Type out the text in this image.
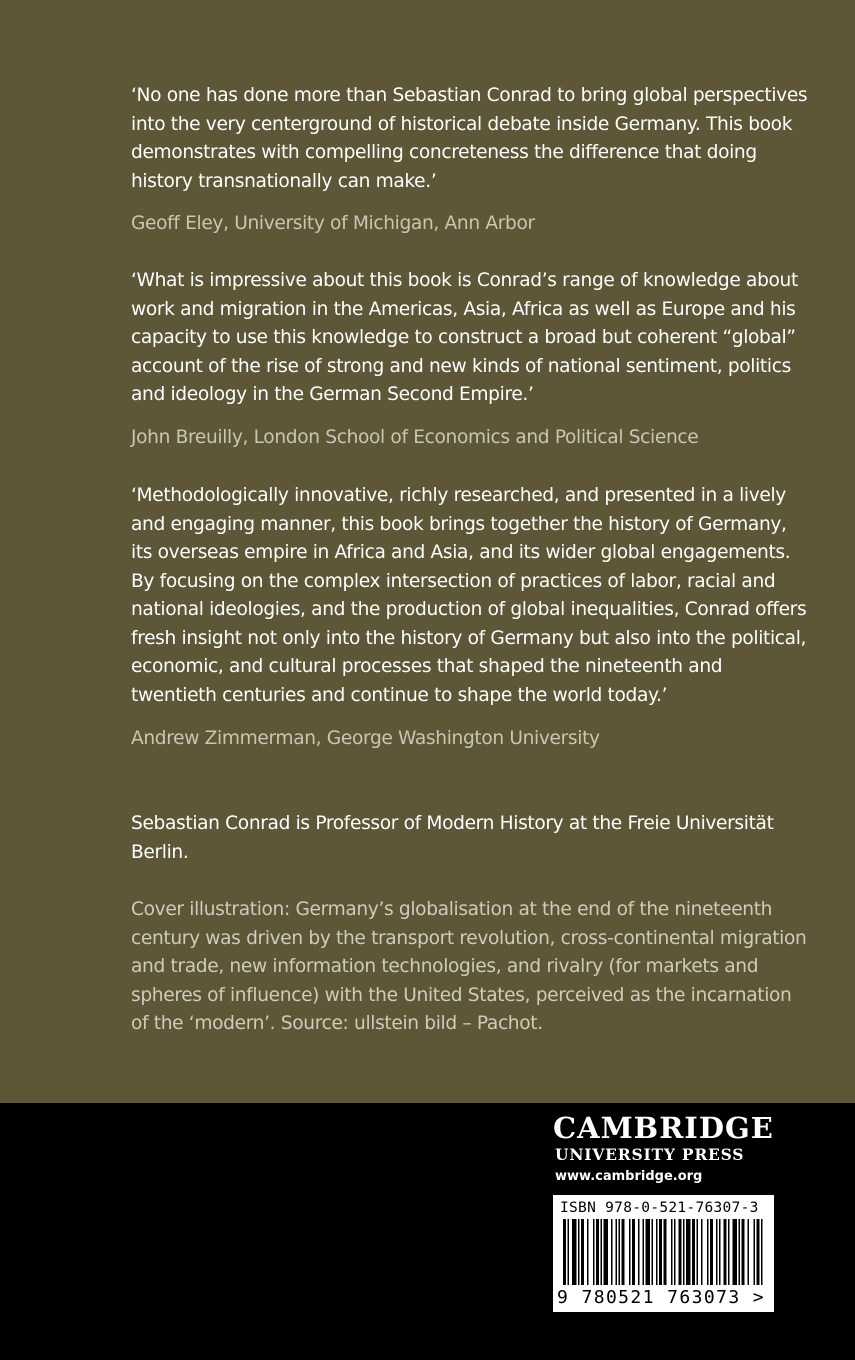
‘No one has done more than Sebastian Conrad to bring global perspectives into the very centerground of historical debate inside Germany. This book demonstrates with compelling concreteness the difference that doing history transnationally can make.’

Geoff Eley, University of Michigan, Ann Arbor

‘What is impressive about this book is Conrad’s range of knowledge about work and migration in the Americas, Asia, Africa as well as Europe and his capacity to use this knowledge to construct a broad but coherent “global” account of the rise of strong and new kinds of national sentiment, politics and ideology in the German Second Empire.’

John Breuilly, London School of Economics and Political Science

‘Methodologically innovative, richly researched, and presented in a lively and engaging manner, this book brings together the history of Germany, its overseas empire in Africa and Asia, and its wider global engagements. By focusing on the complex intersection of practices of labor, racial and national ideologies, and the production of global inequalities, Conrad offers fresh insight not only into the history of Germany but also into the political, economic, and cultural processes that shaped the nineteenth and twentieth centuries and continue to shape the world today.’

Andrew Zimmerman, George Washington University

Sebastian Conrad is Professor of Modern History at the Freie Universität Berlin.

Cover illustration: Germany’s globalisation at the end of the nineteenth century was driven by the transport revolution, cross-continental migration and trade, new information technologies, and rivalry (for markets and spheres of influence) with the United States, perceived as the incarnation of the ‘modern’. Source: ullstein bild – Pachot.

CAMBRIDGE
UNIVERSITY PRESS
www.cambridge.org
ISBN 978-0-521-76307-3
9 780521 763073 >
